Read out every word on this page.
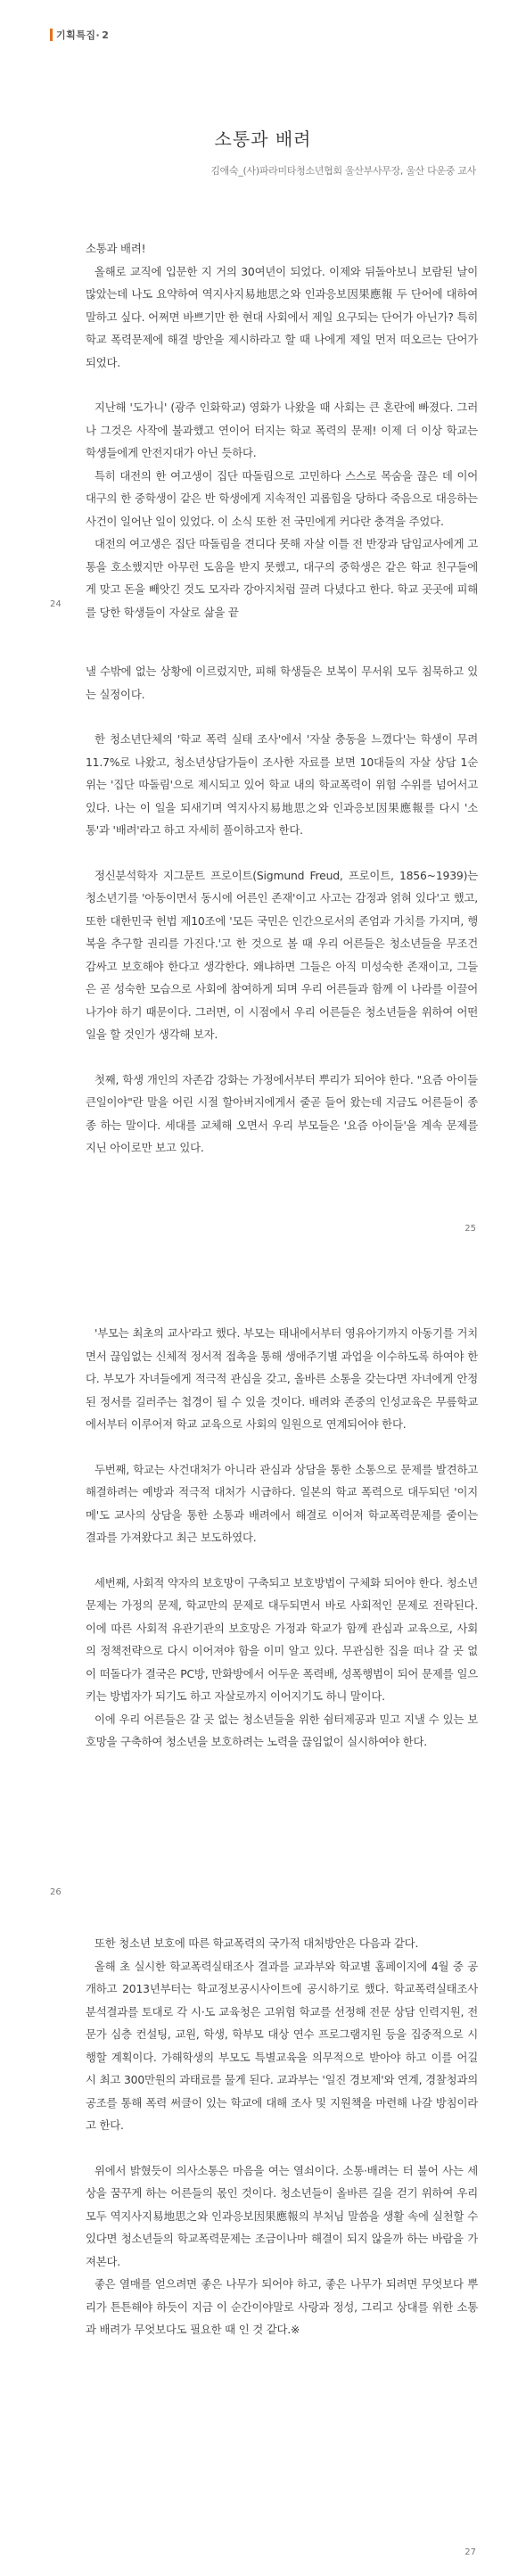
기획특집 · 2
소통과 배려
김애숙_(사)파라미타청소년협회 울산부사무장, 울산 다운중 교사

소통과 배려!

올해로 교직에 입문한 지 거의 30여년이 되었다. 이제와 뒤돌아보니 보람된 날이 많았는데 나도 요약하여 역지사지易地思之와 인과응보因果應報 두 단어에 대하여 말하고 싶다. 어쩌면 바쁘기만 한 현대 사회에서 제일 요구되는 단어가 아닌가? 특히 학교 폭력문제에 해결 방안을 제시하라고 할 때 나에게 제일 먼저 떠오르는 단어가 되었다.

지난해 '도가니' (광주 인화학교) 영화가 나왔을 때 사회는 큰 혼란에 빠졌다. 그러나 그것은 사작에 불과했고 연이어 터지는 학교 폭력의 문제! 이제 더 이상 학교는 학생들에게 안전지대가 아닌 듯하다.

특히 대전의 한 여고생이 집단 따돌림으로 고민하다 스스로 목숨을 끊은 데 이어 대구의 한 중학생이 같은 반 학생에게 지속적인 괴롭힘을 당하다 죽음으로 대응하는 사건이 일어난 일이 있었다. 이 소식 또한 전 국민에게 커다란 충격을 주었다.

대전의 여고생은 집단 따돌림을 견디다 못해 자살 이틀 전 반장과 담임교사에게 고통을 호소했지만 아무런 도움을 받지 못했고, 대구의 중학생은 같은 학교 친구들에게 맞고 돈을 빼앗긴 것도 모자라 강아지처럼 끌려 다녔다고 한다. 학교 곳곳에 피해를 당한 학생들이 자살로 삶을 끝

24

낼 수밖에 없는 상황에 이르렀지만, 피해 학생들은 보복이 무서워 모두 침묵하고 있는 실정이다.

한 청소년단체의 '학교 폭력 실태 조사'에서 '자살 충동을 느꼈다'는 학생이 무려 11.7%로 나왔고, 청소년상담가들이 조사한 자료를 보면 10대들의 자살 상담 1순위는 '집단 따돌림'으로 제시되고 있어 학교 내의 학교폭력이 위험 수위를 넘어서고 있다. 나는 이 일을 되새기며 역지사지易地思之와 인과응보因果應報를 다시 '소통'과 '배려'라고 하고 자세히 풀이하고자 한다.

정신분석학자 지그문트 프로이트(Sigmund Freud, 프로이트, 1856~1939)는 청소년기를 '아동이면서 동시에 어른인 존재'이고 사고는 감정과 얽혀 있다'고 했고, 또한 대한민국 헌법 제10조에 '모든 국민은 인간으로서의 존엄과 가치를 가지며, 행복을 추구할 권리를 가진다.'고 한 것으로 볼 때 우리 어른들은 청소년들을 무조건 감싸고 보호해야 한다고 생각한다. 왜냐하면 그들은 아직 미성숙한 존재이고, 그들은 곧 성숙한 모습으로 사회에 참여하게 되며 우리 어른들과 함께 이 나라를 이끌어 나가야 하기 때문이다. 그러면, 이 시점에서 우리 어른들은 청소년들을 위하여 어떤 일을 할 것인가 생각해 보자.

첫째, 학생 개인의 자존감 강화는 가정에서부터 뿌리가 되어야 한다. "요즘 아이들 큰일이야"란 말을 어린 시절 할아버지에게서 줄곧 들어 왔는데 지금도 어른들이 종종 하는 말이다. 세대를 교체해 오면서 우리 부모들은 '요즘 아이들'을 계속 문제를 지닌 아이로만 보고 있다.

25

'부모는 최초의 교사'라고 했다. 부모는 태내에서부터 영유아기까지 아동기를 거치면서 끊임없는 신체적 정서적 접촉을 통해 생애주기별 과업을 이수하도록 하여야 한다. 부모가 자녀들에게 적극적 관심을 갖고, 올바른 소통을 갖는다면 자녀에게 안정된 정서를 길러주는 첩경이 될 수 있을 것이다. 배려와 존중의 인성교육은 무릎학교에서부터 이루어져 학교 교육으로 사회의 일원으로 연계되어야 한다.

두번째, 학교는 사건대처가 아니라 관심과 상담을 통한 소통으로 문제를 발견하고 해결하려는 예방과 적극적 대처가 시급하다. 일본의 학교 폭력으로 대두되던 '이지메'도 교사의 상담을 통한 소통과 배려에서 해결로 이어져 학교폭력문제를 줄이는 결과를 가져왔다고 최근 보도하였다.

세번째, 사회적 약자의 보호망이 구축되고 보호방법이 구체화 되어야 한다. 청소년문제는 가정의 문제, 학교만의 문제로 대두되면서 바로 사회적인 문제로 전락된다. 이에 따른 사회적 유관기관의 보호망은 가정과 학교가 함께 관심과 교육으로, 사회의 정책전략으로 다시 이어져야 함을 이미 알고 있다. 무관심한 집을 떠나 갈 곳 없이 떠돌다가 결국은 PC방, 만화방에서 어두운 폭력배, 성폭행범이 되어 문제를 일으키는 방법자가 되기도 하고 자살로까지 이어지기도 하니 말이다.

이에 우리 어른들은 갈 곳 없는 청소년들을 위한 쉼터제공과 믿고 지낼 수 있는 보호망을 구축하여 청소년을 보호하려는 노력을 끊임없이 실시하여야 한다.

26

또한 청소년 보호에 따른 학교폭력의 국가적 대처방안은 다음과 같다.

올해 초 실시한 학교폭력실태조사 결과를 교과부와 학교별 홈페이지에 4월 중 공개하고 2013년부터는 학교정보공시사이트에 공시하기로 했다. 학교폭력실태조사 분석결과를 토대로 각 시·도 교육청은 고위험 학교를 선정해 전문 상담 인력지원, 전문가 심층 컨설팅, 교원, 학생, 학부모 대상 연수 프로그램지원 등을 집중적으로 시행할 계획이다. 가해학생의 부모도 특별교육을 의무적으로 받아야 하고 이를 어길 시 최고 300만원의 과태료를 물게 된다. 교과부는 '일진 경보제'와 연계, 경찰청과의 공조를 통해 폭력 써클이 있는 학교에 대해 조사 및 지원책을 마련해 나갈 방침이라고 한다.

위에서 밝혔듯이 의사소통은 마음을 여는 열쇠이다. 소통·배려는 터 불어 사는 세상을 꿈꾸게 하는 어른들의 몫인 것이다. 청소년들이 올바른 길을 걷기 위하여 우리 모두 역지사지易地思之와 인과응보因果應報의 부처님 말씀을 생활 속에 실천할 수 있다면 청소년들의 학교폭력문제는 조금이나마 해결이 되지 않을까 하는 바람을 가져본다.

좋은 열매를 얻으려면 좋은 나무가 되어야 하고, 좋은 나무가 되려면 무엇보다 뿌리가 튼튼해야 하듯이 지금 이 순간이야말로 사랑과 정성, 그리고 상대를 위한 소통과 배려가 무엇보다도 필요한 때 인 것 같다.※

27
